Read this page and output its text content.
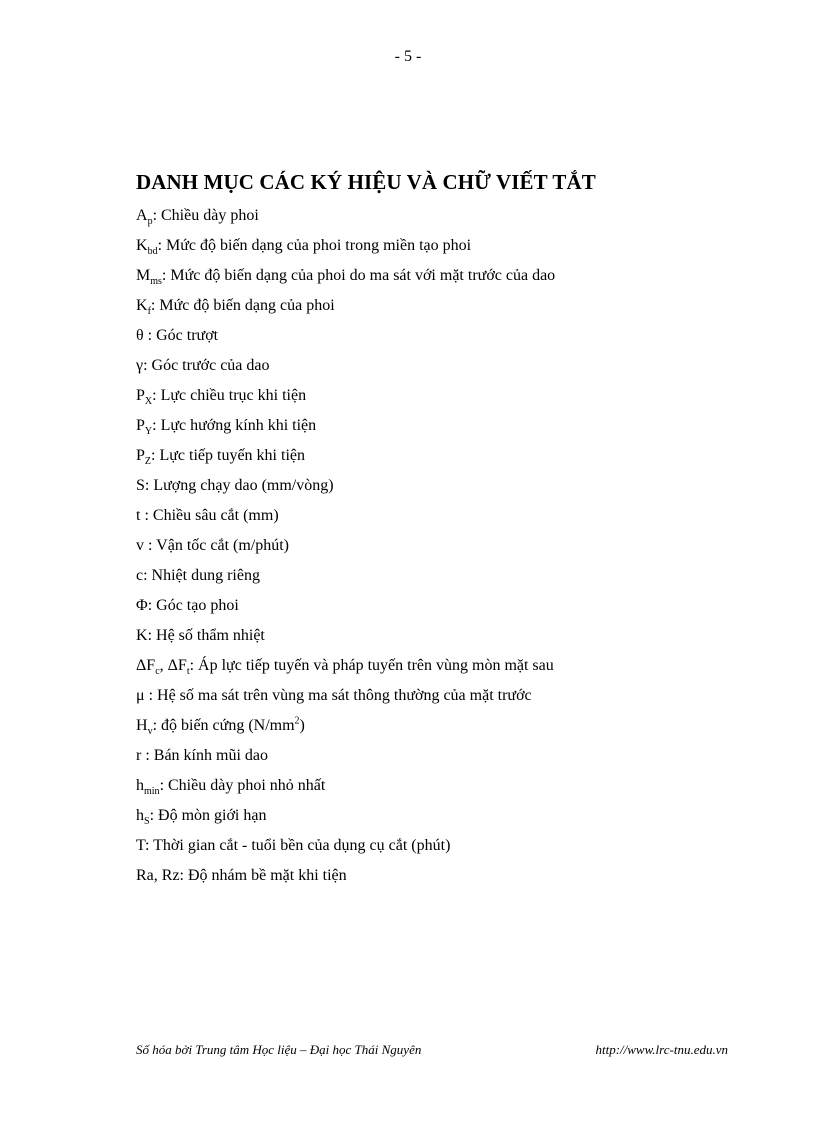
- 5 -
DANH MỤC CÁC KÝ HIỆU VÀ CHỮ VIẾT TẮT
$A_p$: Chiều dày phoi
$K_{bd}$: Mức độ biến dạng của phoi trong miền tạo phoi
$M_{ms}$: Mức độ biến dạng của phoi do ma sát với mặt trước của dao
$K_f$: Mức độ biến dạng của phoi
θ : Góc trượt
γ: Góc trước của dao
$P_X$: Lực chiều trục khi tiện
$P_Y$: Lực hướng kính khi tiện
$P_Z$: Lực tiếp tuyến khi tiện
S: Lượng chạy dao (mm/vòng)
t : Chiều sâu cắt (mm)
v : Vận tốc cắt (m/phút)
c: Nhiệt dung riêng
Φ: Góc tạo phoi
K: Hệ số thẩm nhiệt
$\Delta F_c$, $\Delta F_t$: Áp lực tiếp tuyến và pháp tuyến trên vùng mòn mặt sau
μ : Hệ số ma sát trên vùng ma sát thông thường của mặt trước
$H_v$: độ biến cứng $(N/mm^2)$
r : Bán kính mũi dao
$h_{min}$: Chiều dày phoi nhỏ nhất
$h_S$: Độ mòn giới hạn
T: Thời gian cắt - tuổi bền của dụng cụ cắt (phút)
Ra, Rz: Độ nhám bề mặt khi tiện
Số hóa bởi Trung tâm Học liệu – Đại học Thái Nguyên	http://www.lrc-tnu.edu.vn
